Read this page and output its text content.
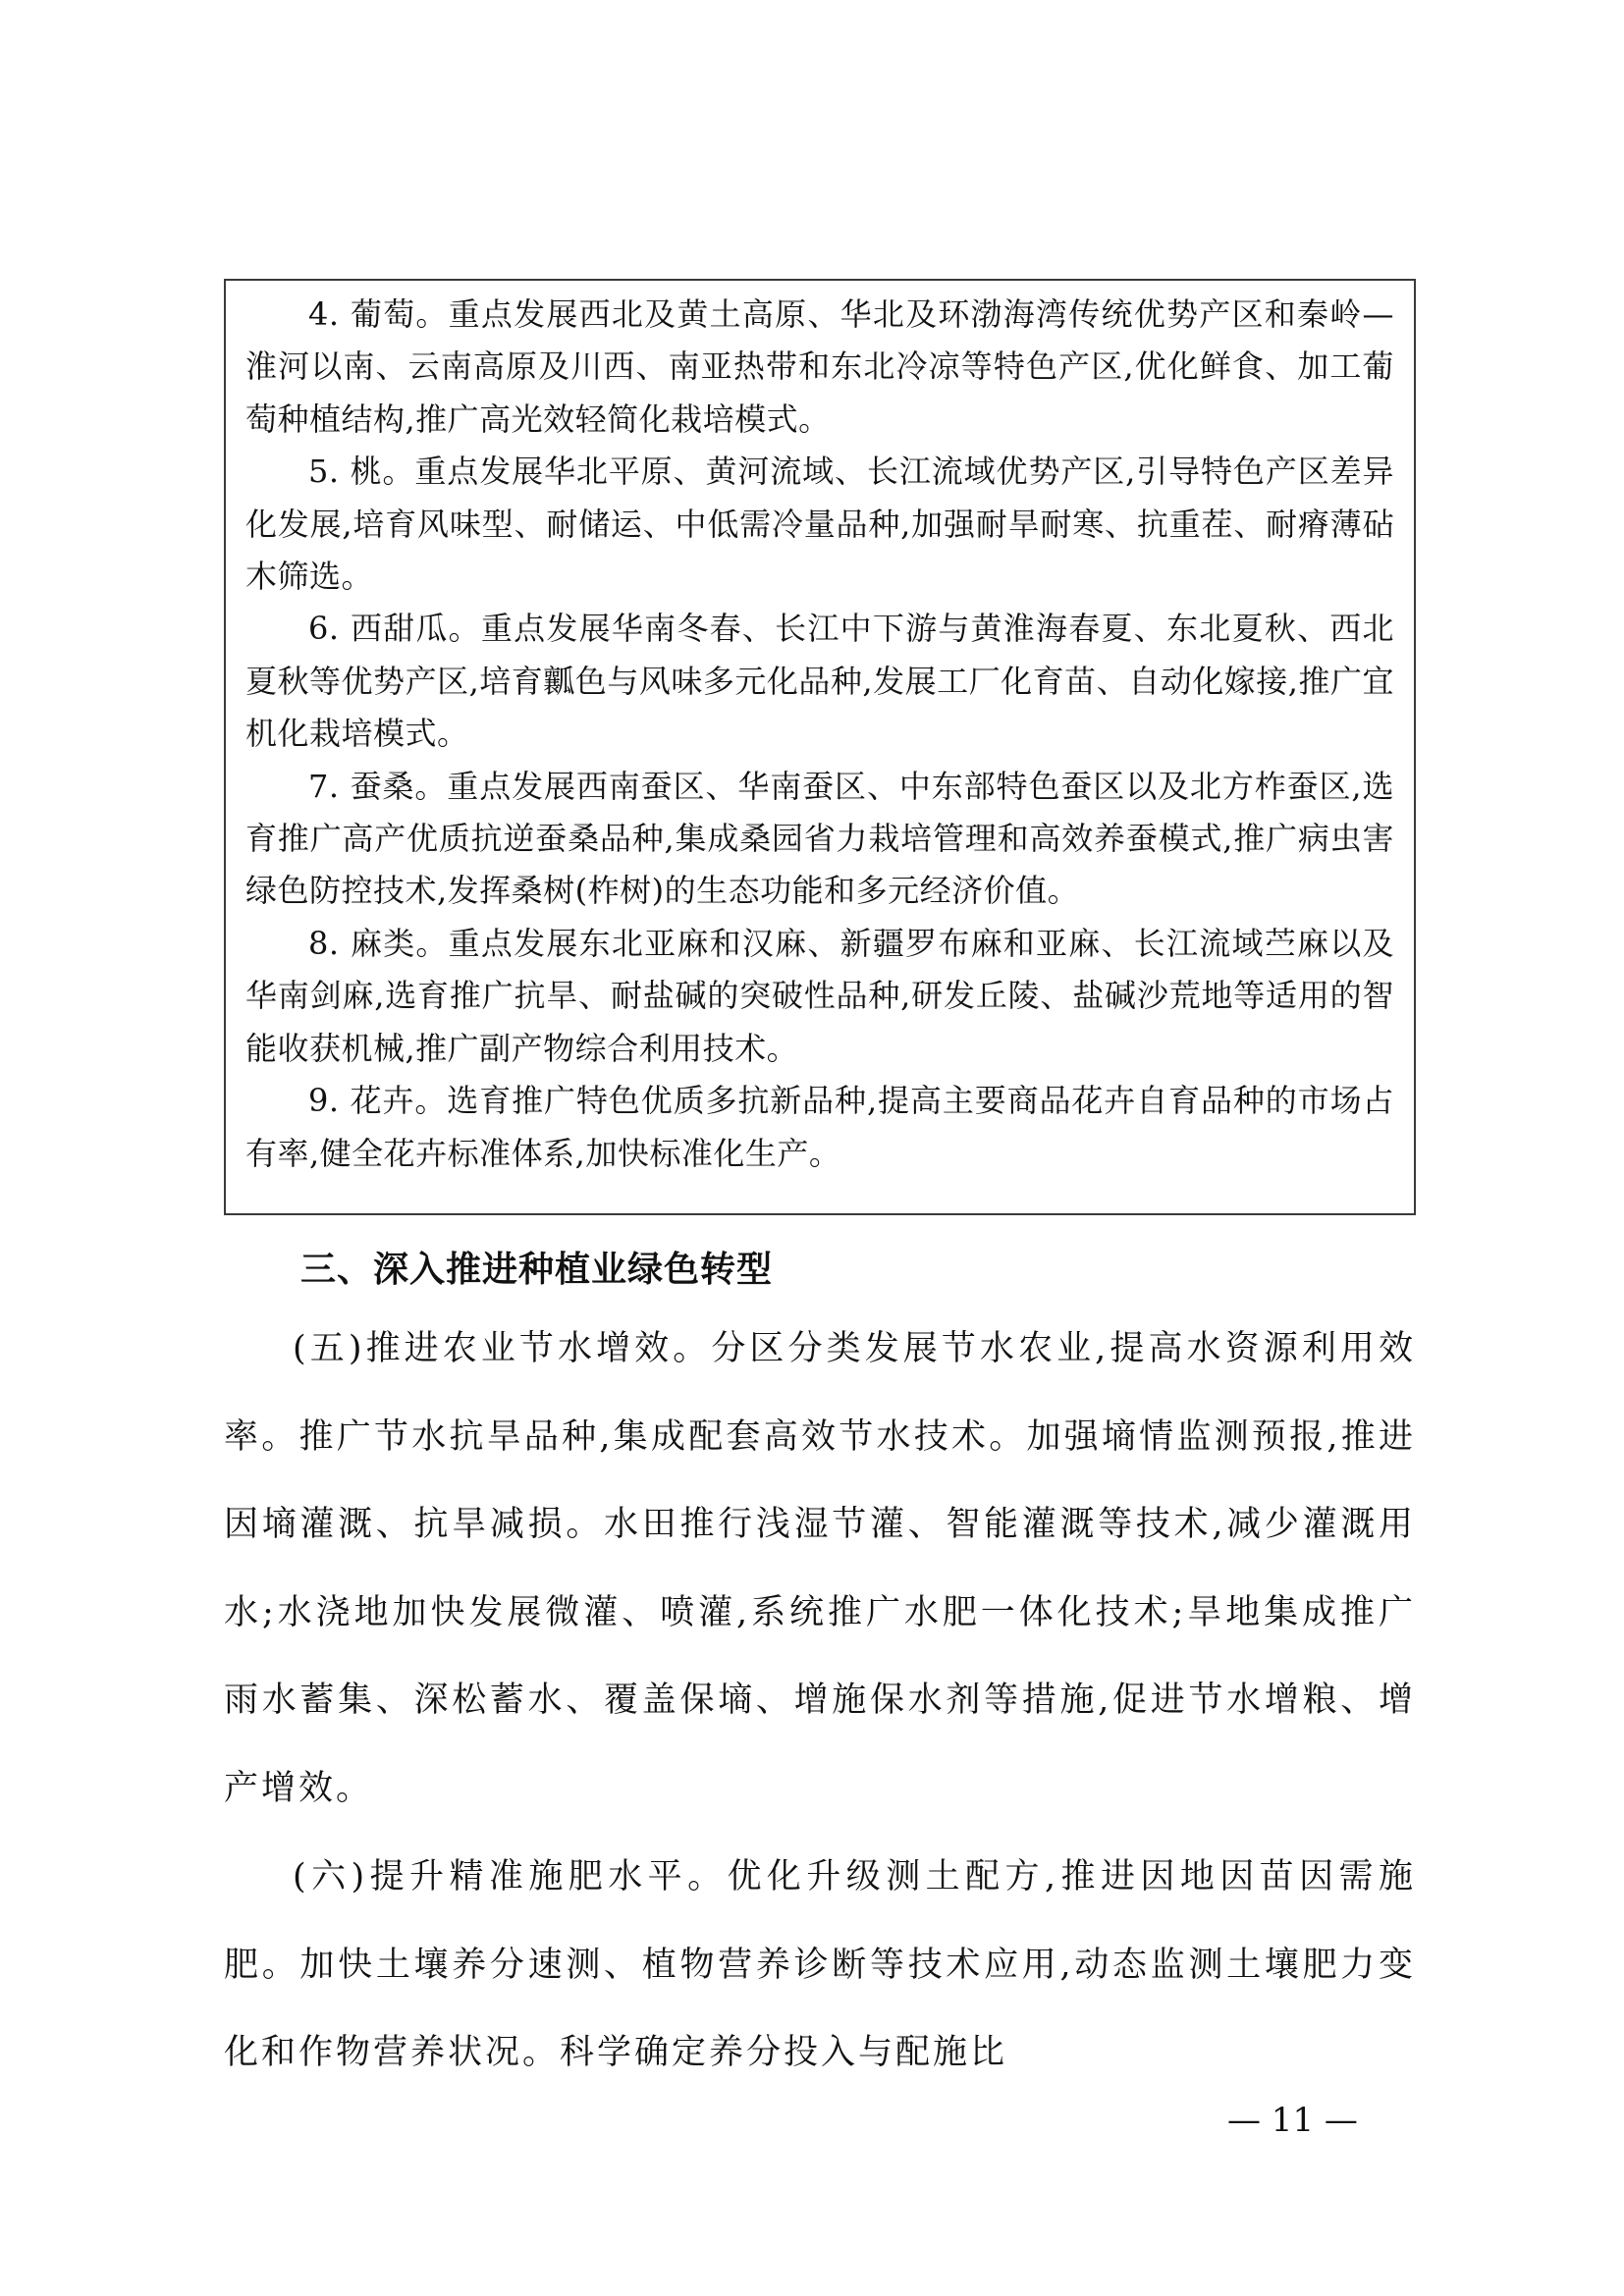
4. 葡萄。重点发展西北及黄土高原、华北及环渤海湾传统优势产区和秦岭—淮河以南、云南高原及川西、南亚热带和东北冷凉等特色产区,优化鲜食、加工葡萄种植结构,推广高光效轻简化栽培模式。

5. 桃。重点发展华北平原、黄河流域、长江流域优势产区,引导特色产区差异化发展,培育风味型、耐储运、中低需冷量品种,加强耐旱耐寒、抗重茬、耐瘠薄砧木筛选。

6. 西甜瓜。重点发展华南冬春、长江中下游与黄淮海春夏、东北夏秋、西北夏秋等优势产区,培育瓤色与风味多元化品种,发展工厂化育苗、自动化嫁接,推广宜机化栽培模式。

7. 蚕桑。重点发展西南蚕区、华南蚕区、中东部特色蚕区以及北方柞蚕区,选育推广高产优质抗逆蚕桑品种,集成桑园省力栽培管理和高效养蚕模式,推广病虫害绿色防控技术,发挥桑树(柞树)的生态功能和多元经济价值。

8. 麻类。重点发展东北亚麻和汉麻、新疆罗布麻和亚麻、长江流域苎麻以及华南剑麻,选育推广抗旱、耐盐碱的突破性品种,研发丘陵、盐碱沙荒地等适用的智能收获机械,推广副产物综合利用技术。

9. 花卉。选育推广特色优质多抗新品种,提高主要商品花卉自育品种的市场占有率,健全花卉标准体系,加快标准化生产。

三、深入推进种植业绿色转型

(五)推进农业节水增效。分区分类发展节水农业,提高水资源利用效率。推广节水抗旱品种,集成配套高效节水技术。加强墒情监测预报,推进因墒灌溉、抗旱减损。水田推行浅湿节灌、智能灌溉等技术,减少灌溉用水;水浇地加快发展微灌、喷灌,系统推广水肥一体化技术;旱地集成推广雨水蓄集、深松蓄水、覆盖保墒、增施保水剂等措施,促进节水增粮、增产增效。

(六)提升精准施肥水平。优化升级测土配方,推进因地因苗因需施肥。加快土壤养分速测、植物营养诊断等技术应用,动态监测土壤肥力变化和作物营养状况。科学确定养分投入与配施比

— 11 —
